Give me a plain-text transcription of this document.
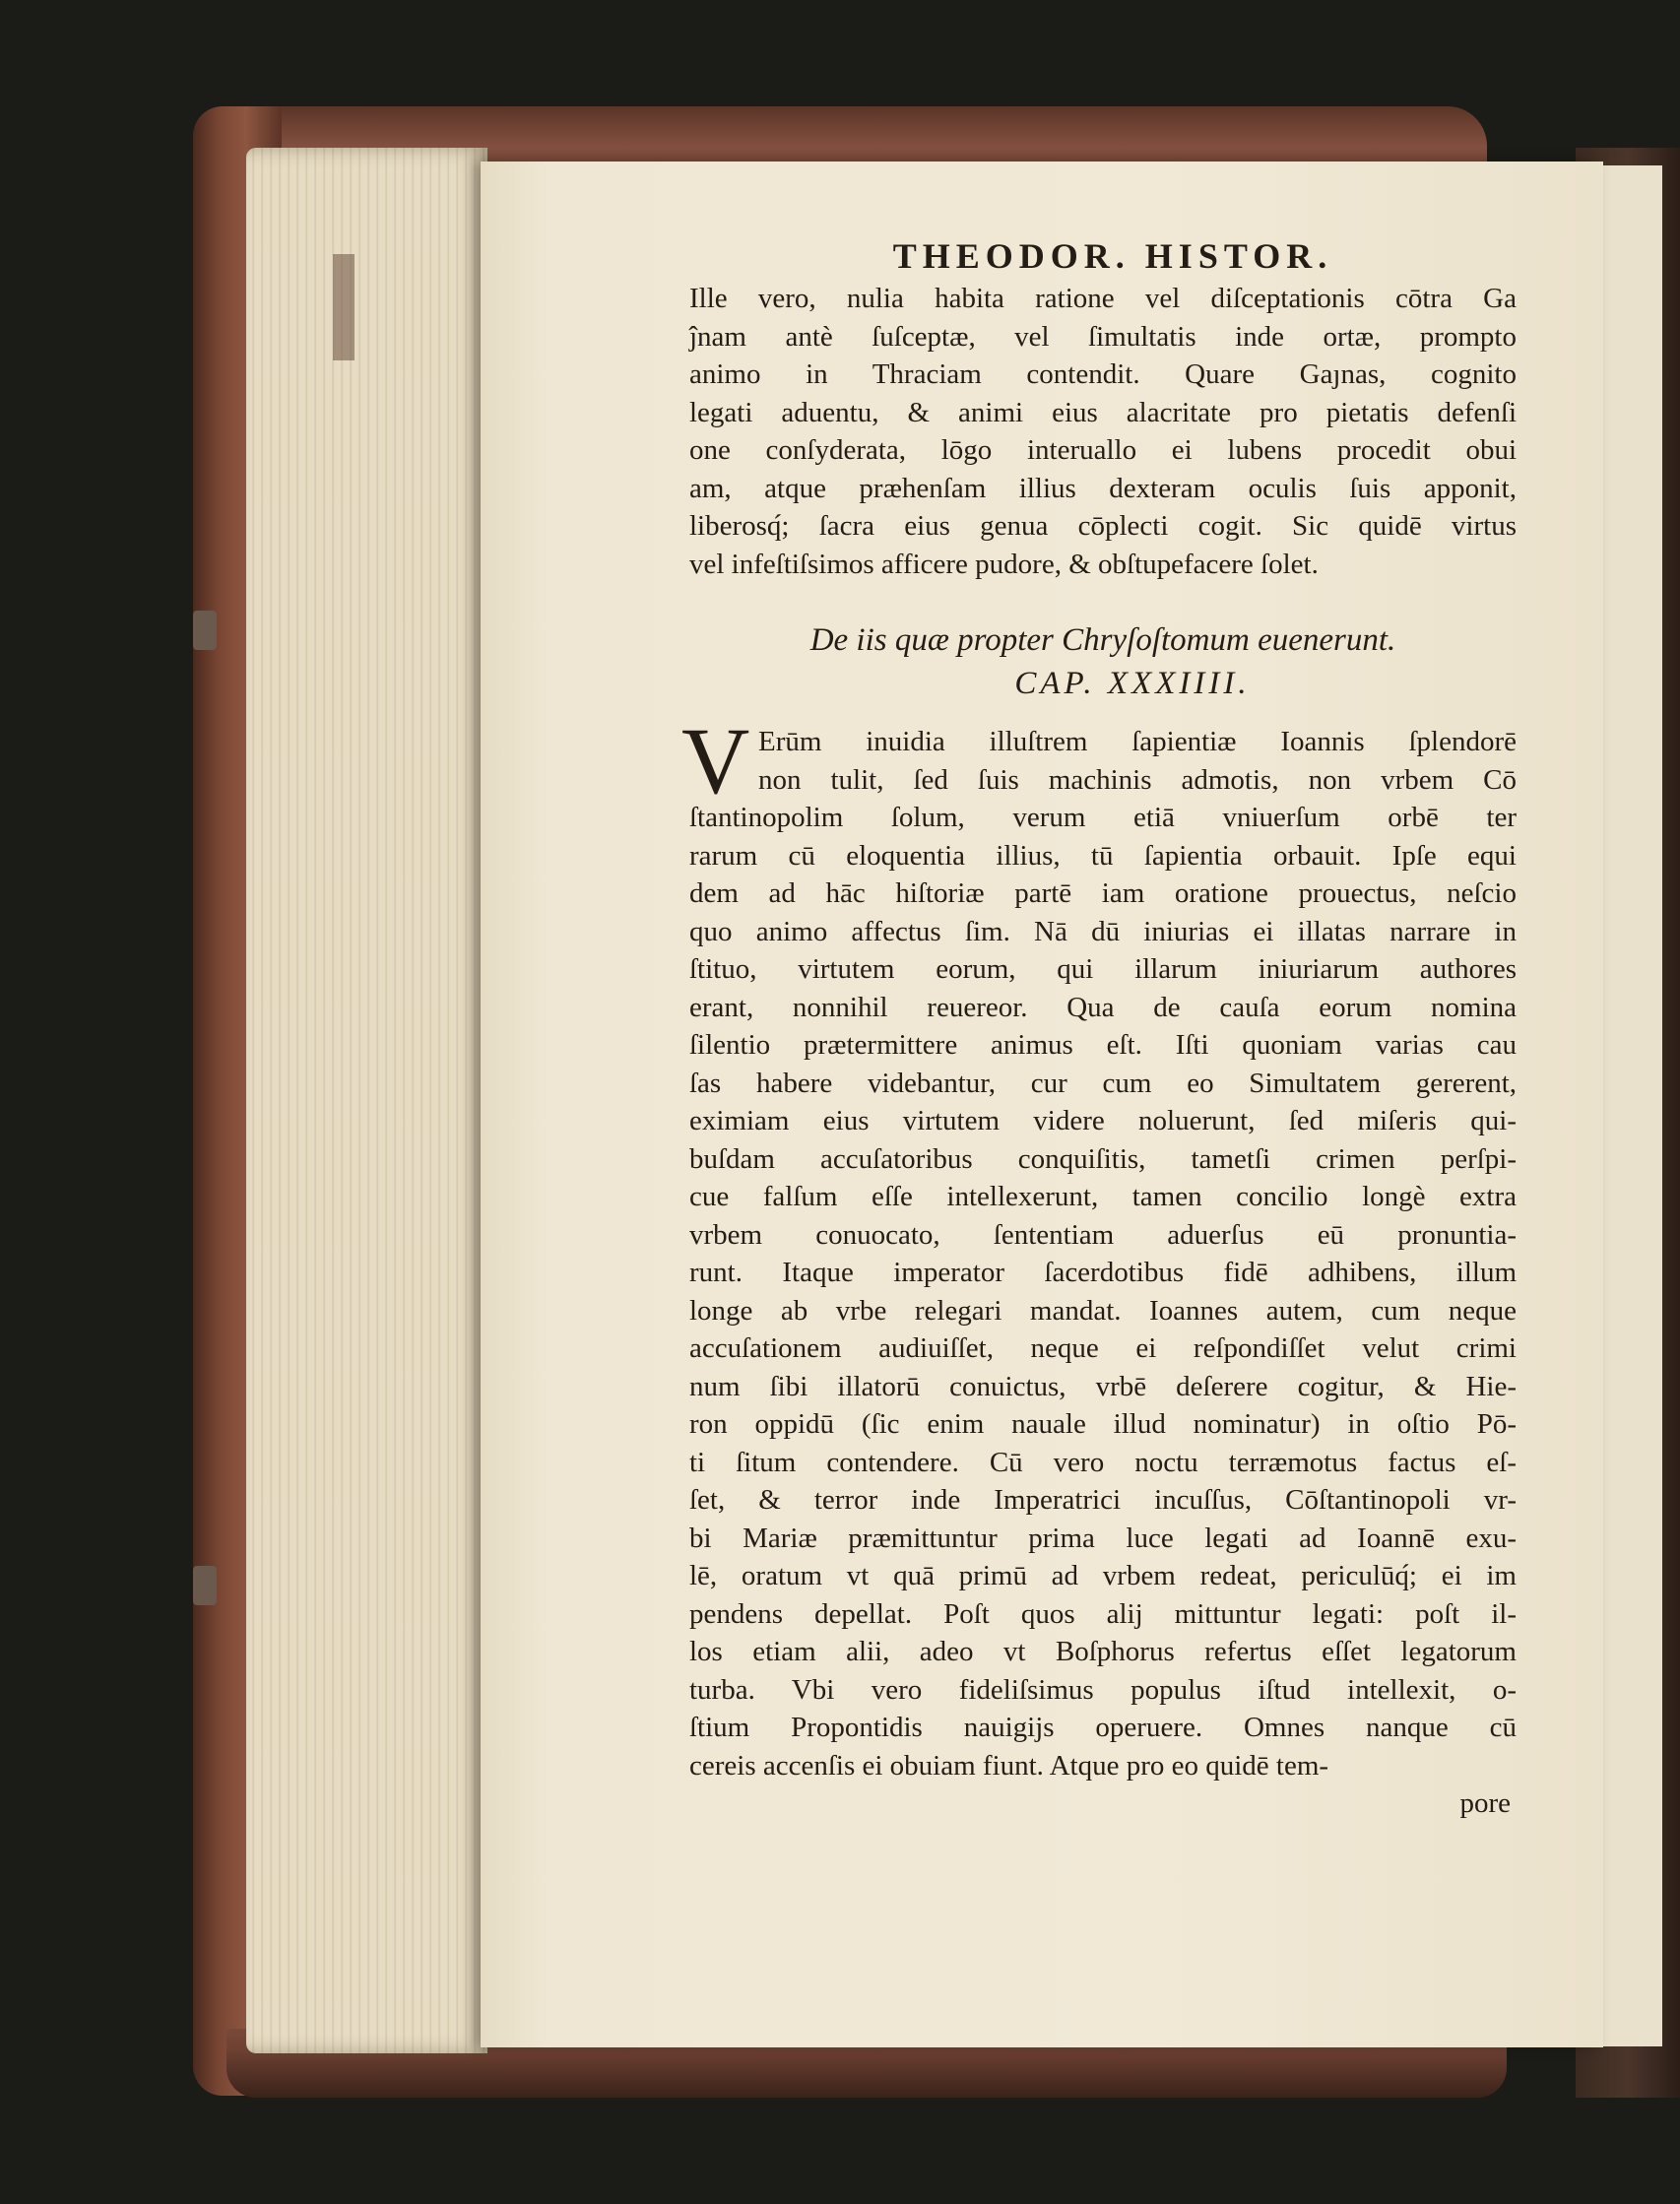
THEODOR. HISTOR.
Ille vero, nulia habita ratione vel diſceptationis cōtra Ga
ĵnam antè ſuſceptæ, vel ſimultatis inde ortæ, prompto
animo in Thraciam contendit. Quare Gaȷnas, cognito
legati aduentu, & animi eius alacritate pro pietatis defenſi
one conſyderata, lōgo interuallo ei lubens procedit obui
am, atque præhenſam illius dexteram oculis ſuis apponit,
liberosq́; ſacra eius genua cōplecti cogit. Sic quidē virtus
vel infeſtiſsimos afficere pudore, & obſtupefacere ſolet.
De iis quæ propter Chryſoſtomum euenerunt.
CAP. XXXIIII.
V Erūm inuidia illuſtrem ſapientiæ Ioannis ſplendorē
non tulit, ſed ſuis machinis admotis, non vrbem Cō
ſtantinopolim ſolum, verum etiā vniuerſum orbē ter
rarum cū eloquentia illius, tū ſapientia orbauit. Ipſe equi
dem ad hāc hiſtoriæ partē iam oratione prouectus, neſcio
quo animo affectus ſim. Nā dū iniurias ei illatas narrare in
ſtituo, virtutem eorum, qui illarum iniuriarum authores
erant, nonnihil reuereor. Qua de cauſa eorum nomina
ſilentio prætermittere animus eſt. Iſti quoniam varias cau
ſas habere videbantur, cur cum eo Simultatem gererent,
eximiam eius virtutem videre noluerunt, ſed miſeris qui-
buſdam accuſatoribus conquiſitis, tametſi crimen perſpi-
cue falſum eſſe intellexerunt, tamen concilio longè extra
vrbem conuocato, ſententiam aduerſus eū pronuntia-
runt. Itaque imperator ſacerdotibus fidē adhibens, illum
longe ab vrbe relegari mandat. Ioannes autem, cum neque
accuſationem audiuiſſet, neque ei reſpondiſſet velut crimi
num ſibi illatorū conuictus, vrbē deſerere cogitur, & Hie-
ron oppidū (ſic enim nauale illud nominatur) in oſtio Pō-
ti ſitum contendere. Cū vero noctu terræmotus factus eſ-
ſet, & terror inde Imperatrici incuſſus, Cōſtantinopoli vr-
bi Mariæ præmittuntur prima luce legati ad Ioannē exu-
lē, oratum vt quā primū ad vrbem redeat, periculūq́; ei im
pendens depellat. Poſt quos alij mittuntur legati: poſt il-
los etiam alii, adeo vt Boſphorus refertus eſſet legatorum
turba. Vbi vero fideliſsimus populus iſtud intellexit, o-
ſtium Propontidis nauigijs operuere. Omnes nanque cū
cereis accenſis ei obuiam fiunt. Atque pro eo quidē tem-
pore
